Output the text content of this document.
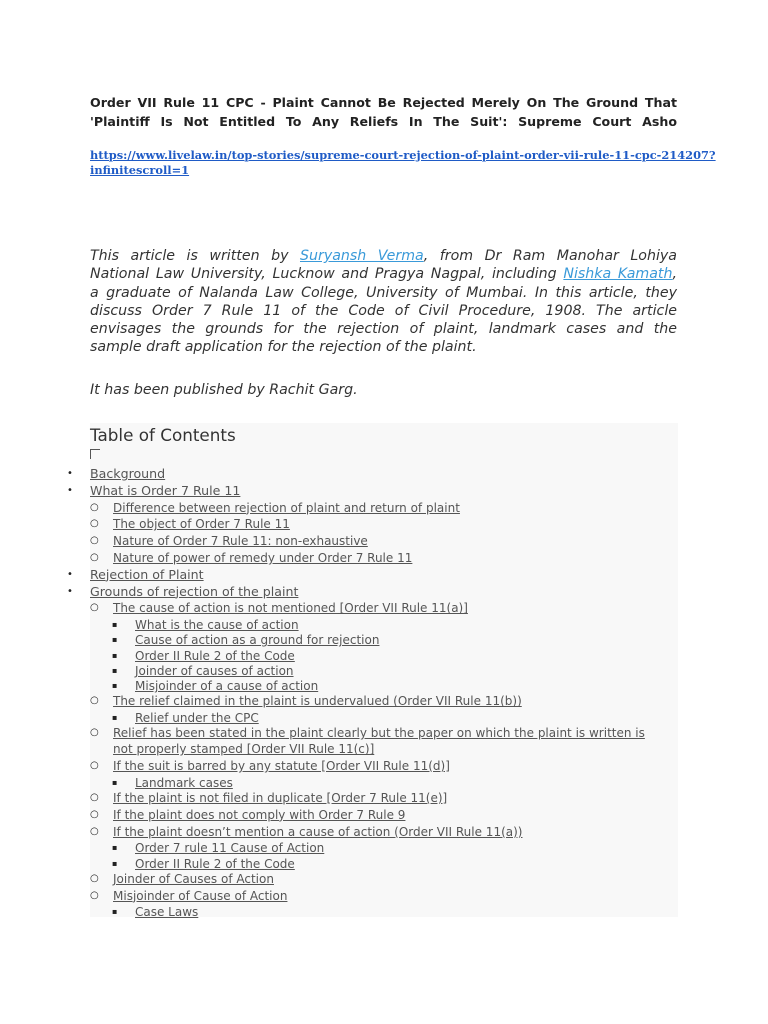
Order VII Rule 11 CPC - Plaint Cannot Be Rejected Merely On The Ground That
'Plaintiff Is Not Entitled To Any Reliefs In The Suit': Supreme Court Asho
https://www.livelaw.in/top-stories/supreme-court-rejection-of-plaint-order-vii-rule-11-cpc-214207?
infinitescroll=1
This article is written by Suryansh Verma, from Dr Ram Manohar Lohiya
National Law University, Lucknow and Pragya Nagpal, including Nishka Kamath,
a graduate of Nalanda Law College, University of Mumbai. In this article, they
discuss Order 7 Rule 11 of the Code of Civil Procedure, 1908. The article
envisages the grounds for the rejection of plaint, landmark cases and the
sample draft application for the rejection of the plaint.
It has been published by Rachit Garg.
Table of Contents
• Background
• What is Order 7 Rule 11
○ Difference between rejection of plaint and return of plaint
○ The object of Order 7 Rule 11
○ Nature of Order 7 Rule 11: non-exhaustive
○ Nature of power of remedy under Order 7 Rule 11
• Rejection of Plaint
• Grounds of rejection of the plaint
○ The cause of action is not mentioned [Order VII Rule 11(a)]
▪ What is the cause of action
▪ Cause of action as a ground for rejection
▪ Order II Rule 2 of the Code
▪ Joinder of causes of action
▪ Misjoinder of a cause of action
○ The relief claimed in the plaint is undervalued (Order VII Rule 11(b))
▪ Relief under the CPC
○ Relief has been stated in the plaint clearly but the paper on which the plaint is written is
not properly stamped [Order VII Rule 11(c)]
○ If the suit is barred by any statute [Order VII Rule 11(d)]
▪ Landmark cases
○ If the plaint is not filed in duplicate [Order 7 Rule 11(e)]
○ If the plaint does not comply with Order 7 Rule 9
○ If the plaint doesn’t mention a cause of action (Order VII Rule 11(a))
▪ Order 7 rule 11 Cause of Action
▪ Order II Rule 2 of the Code
○ Joinder of Causes of Action
○ Misjoinder of Cause of Action
▪ Case Laws
